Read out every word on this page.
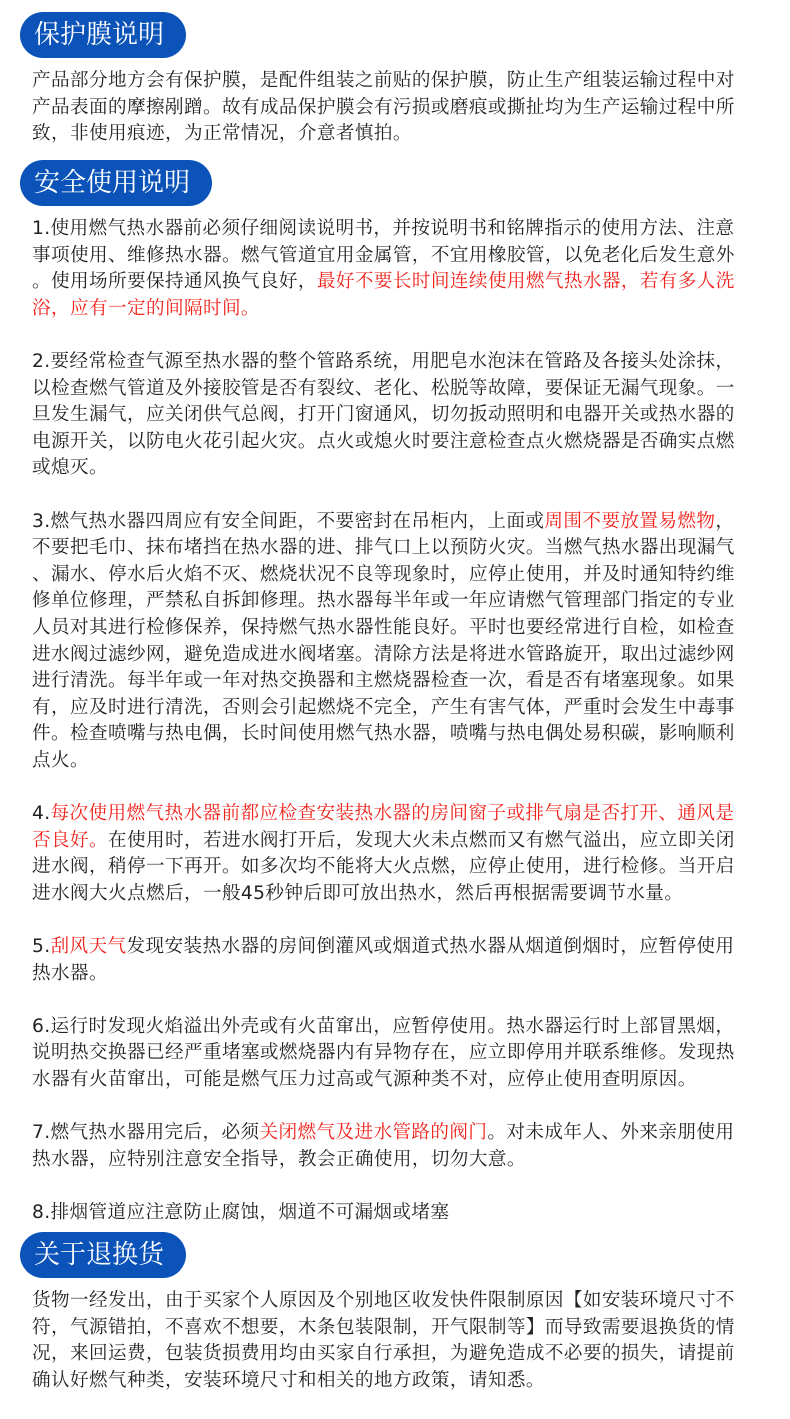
保护膜说明
产品部分地方会有保护膜，是配件组装之前贴的保护膜，防止生产组装运输过程中对
产品表面的摩擦剐蹭。故有成品保护膜会有污损或磨痕或撕扯均为生产运输过程中所
致，非使用痕迹，为正常情况，介意者慎拍。
安全使用说明
1.使用燃气热水器前必须仔细阅读说明书，并按说明书和铭牌指示的使用方法、注意
事项使用、维修热水器。燃气管道宜用金属管，不宜用橡胶管，以免老化后发生意外
。使用场所要保持通风换气良好，最好不要长时间连续使用燃气热水器，若有多人洗
浴，应有一定的间隔时间。
2.要经常检查气源至热水器的整个管路系统，用肥皂水泡沫在管路及各接头处涂抹，
以检查燃气管道及外接胶管是否有裂纹、老化、松脱等故障，要保证无漏气现象。一
旦发生漏气，应关闭供气总阀，打开门窗通风，切勿扳动照明和电器开关或热水器的
电源开关，以防电火花引起火灾。点火或熄火时要注意检查点火燃烧器是否确实点燃
或熄灭。
3.燃气热水器四周应有安全间距，不要密封在吊柜内，上面或周围不要放置易燃物，
不要把毛巾、抹布堵挡在热水器的进、排气口上以预防火灾。当燃气热水器出现漏气
、漏水、停水后火焰不灭、燃烧状况不良等现象时，应停止使用，并及时通知特约维
修单位修理，严禁私自拆卸修理。热水器每半年或一年应请燃气管理部门指定的专业
人员对其进行检修保养，保持燃气热水器性能良好。平时也要经常进行自检，如检查
进水阀过滤纱网，避免造成进水阀堵塞。清除方法是将进水管路旋开，取出过滤纱网
进行清洗。每半年或一年对热交换器和主燃烧器检查一次，看是否有堵塞现象。如果
有，应及时进行清洗，否则会引起燃烧不完全，产生有害气体，严重时会发生中毒事
件。检查喷嘴与热电偶，长时间使用燃气热水器，喷嘴与热电偶处易积碳，影响顺利
点火。
4.每次使用燃气热水器前都应检查安装热水器的房间窗子或排气扇是否打开、通风是
否良好。在使用时，若进水阀打开后，发现大火未点燃而又有燃气溢出，应立即关闭
进水阀，稍停一下再开。如多次均不能将大火点燃，应停止使用，进行检修。当开启
进水阀大火点燃后，一般45秒钟后即可放出热水，然后再根据需要调节水量。
5.刮风天气发现安装热水器的房间倒灌风或烟道式热水器从烟道倒烟时，应暂停使用
热水器。
6.运行时发现火焰溢出外壳或有火苗窜出，应暂停使用。热水器运行时上部冒黑烟，
说明热交换器已经严重堵塞或燃烧器内有异物存在，应立即停用并联系维修。发现热
水器有火苗窜出，可能是燃气压力过高或气源种类不对，应停止使用查明原因。
7.燃气热水器用完后，必须关闭燃气及进水管路的阀门。对未成年人、外来亲朋使用
热水器，应特别注意安全指导，教会正确使用，切勿大意。
8.排烟管道应注意防止腐蚀，烟道不可漏烟或堵塞
关于退换货
货物一经发出，由于买家个人原因及个别地区收发快件限制原因【如安装环境尺寸不
符，气源错拍，不喜欢不想要，木条包装限制，开气限制等】而导致需要退换货的情
况，来回运费，包装货损费用均由买家自行承担，为避免造成不必要的损失，请提前
确认好燃气种类，安装环境尺寸和相关的地方政策，请知悉。
